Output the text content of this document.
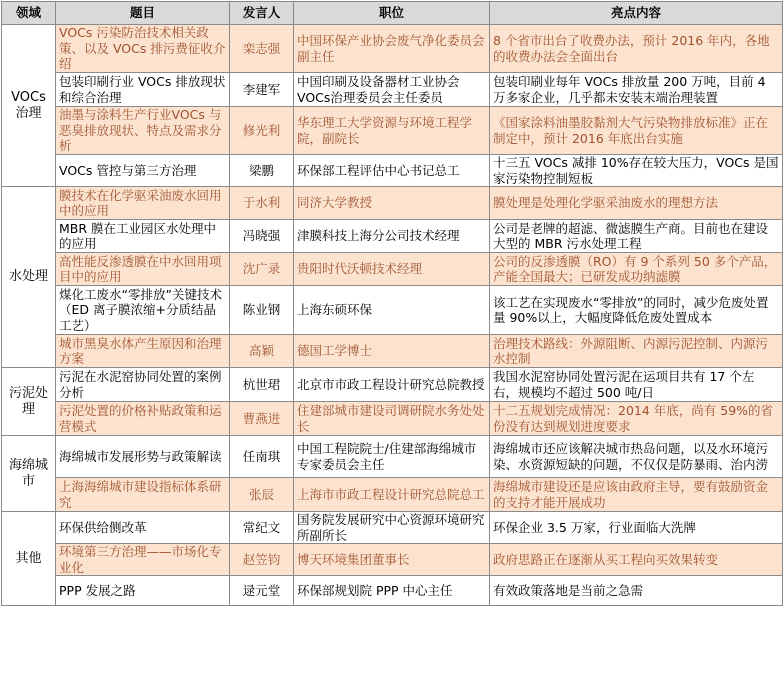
领域	题目	发言人	职位	亮点内容
VOCs治理	VOCs 污染防治技术相关政策、以及 VOCs 排污费征收介绍	栾志强	中国环保产业协会废气净化委员会副主任	8 个省市出台了收费办法，预计 2016 年内，各地的收费办法会全面出台
	包装印刷行业 VOCs 排放现状和综合治理	李建军	中国印刷及设备器材工业协会 VOCs治理委员会主任委员	包装印刷业每年 VOCs 排放量 200 万吨，目前 4 万多家企业，几乎都未安装末端治理装置
	油墨与涂料生产行业VOCs 与恶臭排放现状、特点及需求分析	修光利	华东理工大学资源与环境工程学院，副院长	《国家涂料油墨胶黏剂大气污染物排放标准》正在制定中，预计 2016 年底出台实施
	VOCs 管控与第三方治理	梁鹏	环保部工程评估中心书记总工	十三五 VOCs 减排 10%存在较大压力，VOCs 是国家污染物控制短板
水处理	膜技术在化学驱采油废水回用中的应用	于水利	同济大学教授	膜处理是处理化学驱采油废水的理想方法
	MBR 膜在工业园区水处理中的应用	冯晓强	津膜科技上海分公司技术经理	公司是老牌的超滤、微滤膜生产商。目前也在建设大型的 MBR 污水处理工程
	高性能反渗透膜在中水回用项目中的应用	沈广录	贵阳时代沃顿技术经理	公司的反渗透膜（RO）有 9 个系列 50 多个产品，产能全国最大；已研发成功纳滤膜
	煤化工废水“零排放”关键技术（ED 离子膜浓缩+分质结晶工艺）	陈业钢	上海东硕环保	该工艺在实现废水“零排放”的同时，减少危废处置量 90%以上，大幅度降低危废处置成本
	城市黑臭水体产生原因和治理方案	高颖	德国工学博士	治理技术路线：外源阻断、内源污泥控制、内源污水控制
污泥处理	污泥在水泥窑协同处置的案例分析	杭世珺	北京市市政工程设计研究总院教授	我国水泥窑协同处置污泥在运项目共有 17 个左右，规模均不超过 500 吨/日
	污泥处置的价格补贴政策和运营模式	曹燕进	住建部城市建设司调研院水务处处长	十二五规划完成情况：2014 年底，尚有 59%的省份没有达到规划进度要求
海绵城市	海绵城市发展形势与政策解读	任南琪	中国工程院院士/住建部海绵城市专家委员会主任	海绵城市还应该解决城市热岛问题，以及水环境污染、水资源短缺的问题，不仅仅是防暴雨、治内涝
	上海海绵城市建设指标体系研究	张辰	上海市市政工程设计研究总院总工	海绵城市建设还是应该由政府主导，要有鼓励资金的支持才能开展成功
其他	环保供给侧改革	常纪文	国务院发展研究中心资源环境研究所副所长	环保企业 3.5 万家，行业面临大洗牌
	环境第三方治理——市场化专业化	赵笠钧	博天环境集团董事长	政府思路正在逐渐从买工程向买效果转变
	PPP 发展之路	逯元堂	环保部规划院 PPP 中心主任	有效政策落地是当前之急需
